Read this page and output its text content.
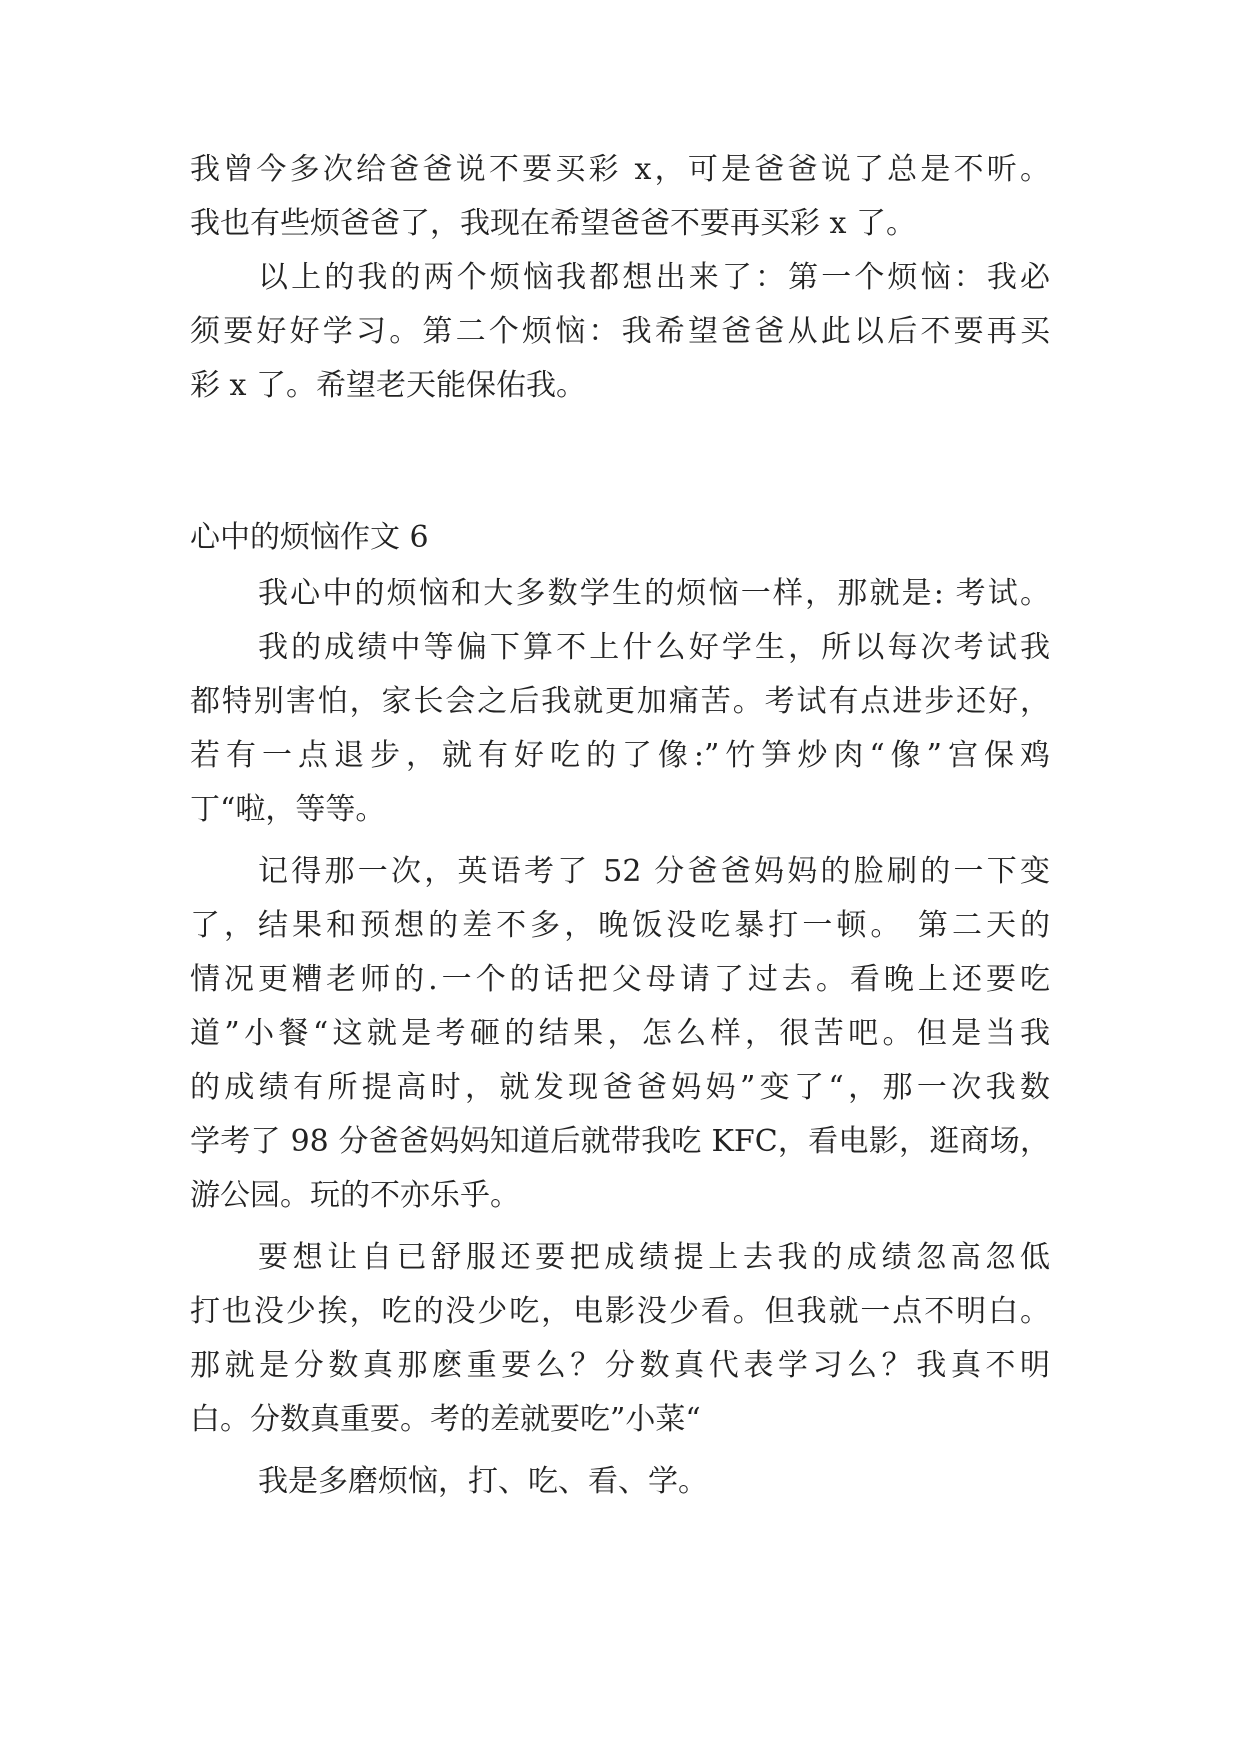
我曾今多次给爸爸说不要买彩 x，可是爸爸说了总是不听。
我也有些烦爸爸了，我现在希望爸爸不要再买彩 x 了。
以上的我的两个烦恼我都想出来了：第一个烦恼：我必
须要好好学习。第二个烦恼：我希望爸爸从此以后不要再买
彩 x 了。希望老天能保佑我。
心中的烦恼作文 6
我心中的烦恼和大多数学生的烦恼一样，那就是: 考试。
我的成绩中等偏下算不上什么好学生，所以每次考试我
都特别害怕，家长会之后我就更加痛苦。考试有点进步还好，
若有一点退步，就有好吃的了像:”竹笋炒肉“像”宫保鸡
丁“啦，等等。
记得那一次，英语考了 52 分爸爸妈妈的脸刷的一下变
了，结果和预想的差不多，晚饭没吃暴打一顿。 第二天的
情况更糟老师的.一个的话把父母请了过去。看晚上还要吃
道”小餐“这就是考砸的结果，怎么样，很苦吧。但是当我
的成绩有所提高时，就发现爸爸妈妈”变了“，那一次我数
学考了 98 分爸爸妈妈知道后就带我吃 KFC，看电影，逛商场，
游公园。玩的不亦乐乎。
要想让自已舒服还要把成绩提上去我的成绩忽高忽低
打也没少挨，吃的没少吃，电影没少看。但我就一点不明白。
那就是分数真那麽重要么？分数真代表学习么？我真不明
白。分数真重要。考的差就要吃”小菜“
我是多磨烦恼，打、吃、看、学。
